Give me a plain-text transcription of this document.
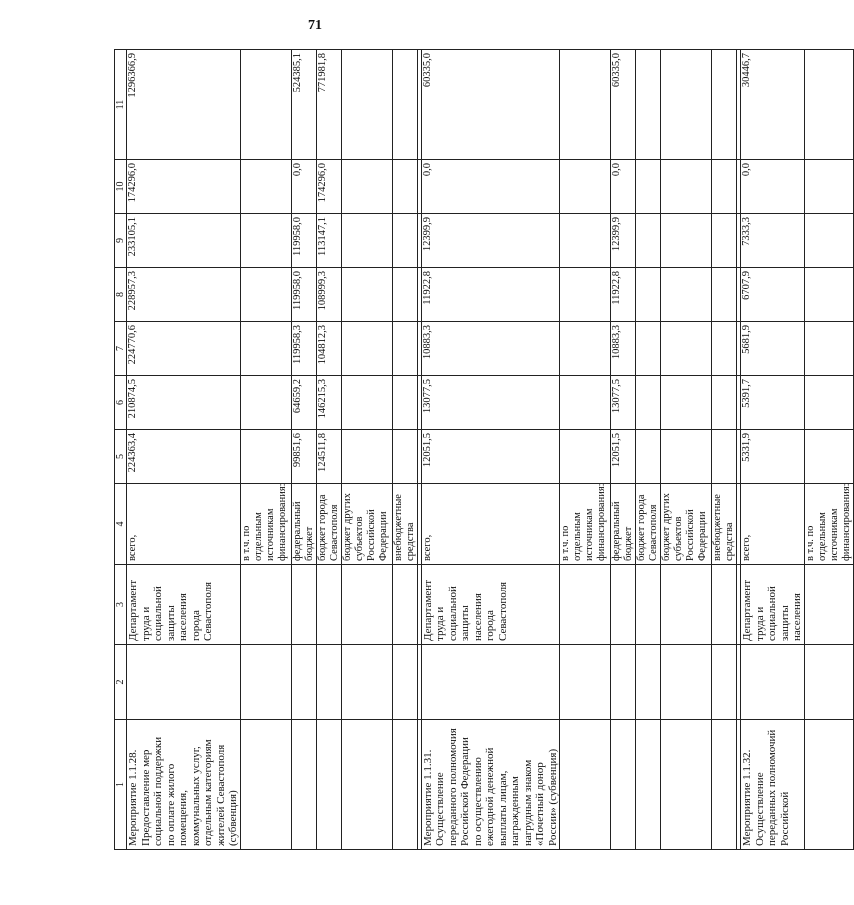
71
1	2	3	4	5	6	7	8	9	10	11
Мероприятие 1.1.28. Предоставление мер социальной поддержки по оплате жилого помещения, коммунальных услуг, отдельным категориям жителей Севастополя (субвенция)		Департамент труда и социальной защиты населения города Севастополя	всего,	224363,4	210874,5	224770,6	228957,3	233105,1	174296,0	1296366,9
			в т.ч. по отдельным источникам финансирования:							
			федеральный бюджет	99851,6	64659,2	119958,3	119958,0	119958,0	0,0	524385,1
			бюджет города Севастополя	124511,8	146215,3	104812,3	108999,3	113147,1	174296,0	771981,8
			бюджет других субъектов Российской Федерации							
			внебюджетные средства							

Мероприятие 1.1.31. Осуществление переданного полномочия Российской Федерации по осуществлению ежегодной денежной выплаты лицам, награжденным нагрудным знаком «Почетный донор России» (субвенция)		Департамент труда и социальной защиты населения города Севастополя	всего,	12051,5	13077,5	10883,3	11922,8	12399,9	0,0	60335,0
			в т.ч. по отдельным источникам финансирования:							
			федеральный бюджет	12051,5	13077,5	10883,3	11922,8	12399,9	0,0	60335,0
			бюджет города Севастополя							
			бюджет других субъектов Российской Федерации							
			внебюджетные средства							

Мероприятие 1.1.32. Осуществление переданных полномочий Российской		Департамент труда и социальной защиты населения	всего,	5331,9	5391,7	5681,9	6707,9	7333,3	0,0	30446,7
			в т.ч. по отдельным источникам финансирования:							
